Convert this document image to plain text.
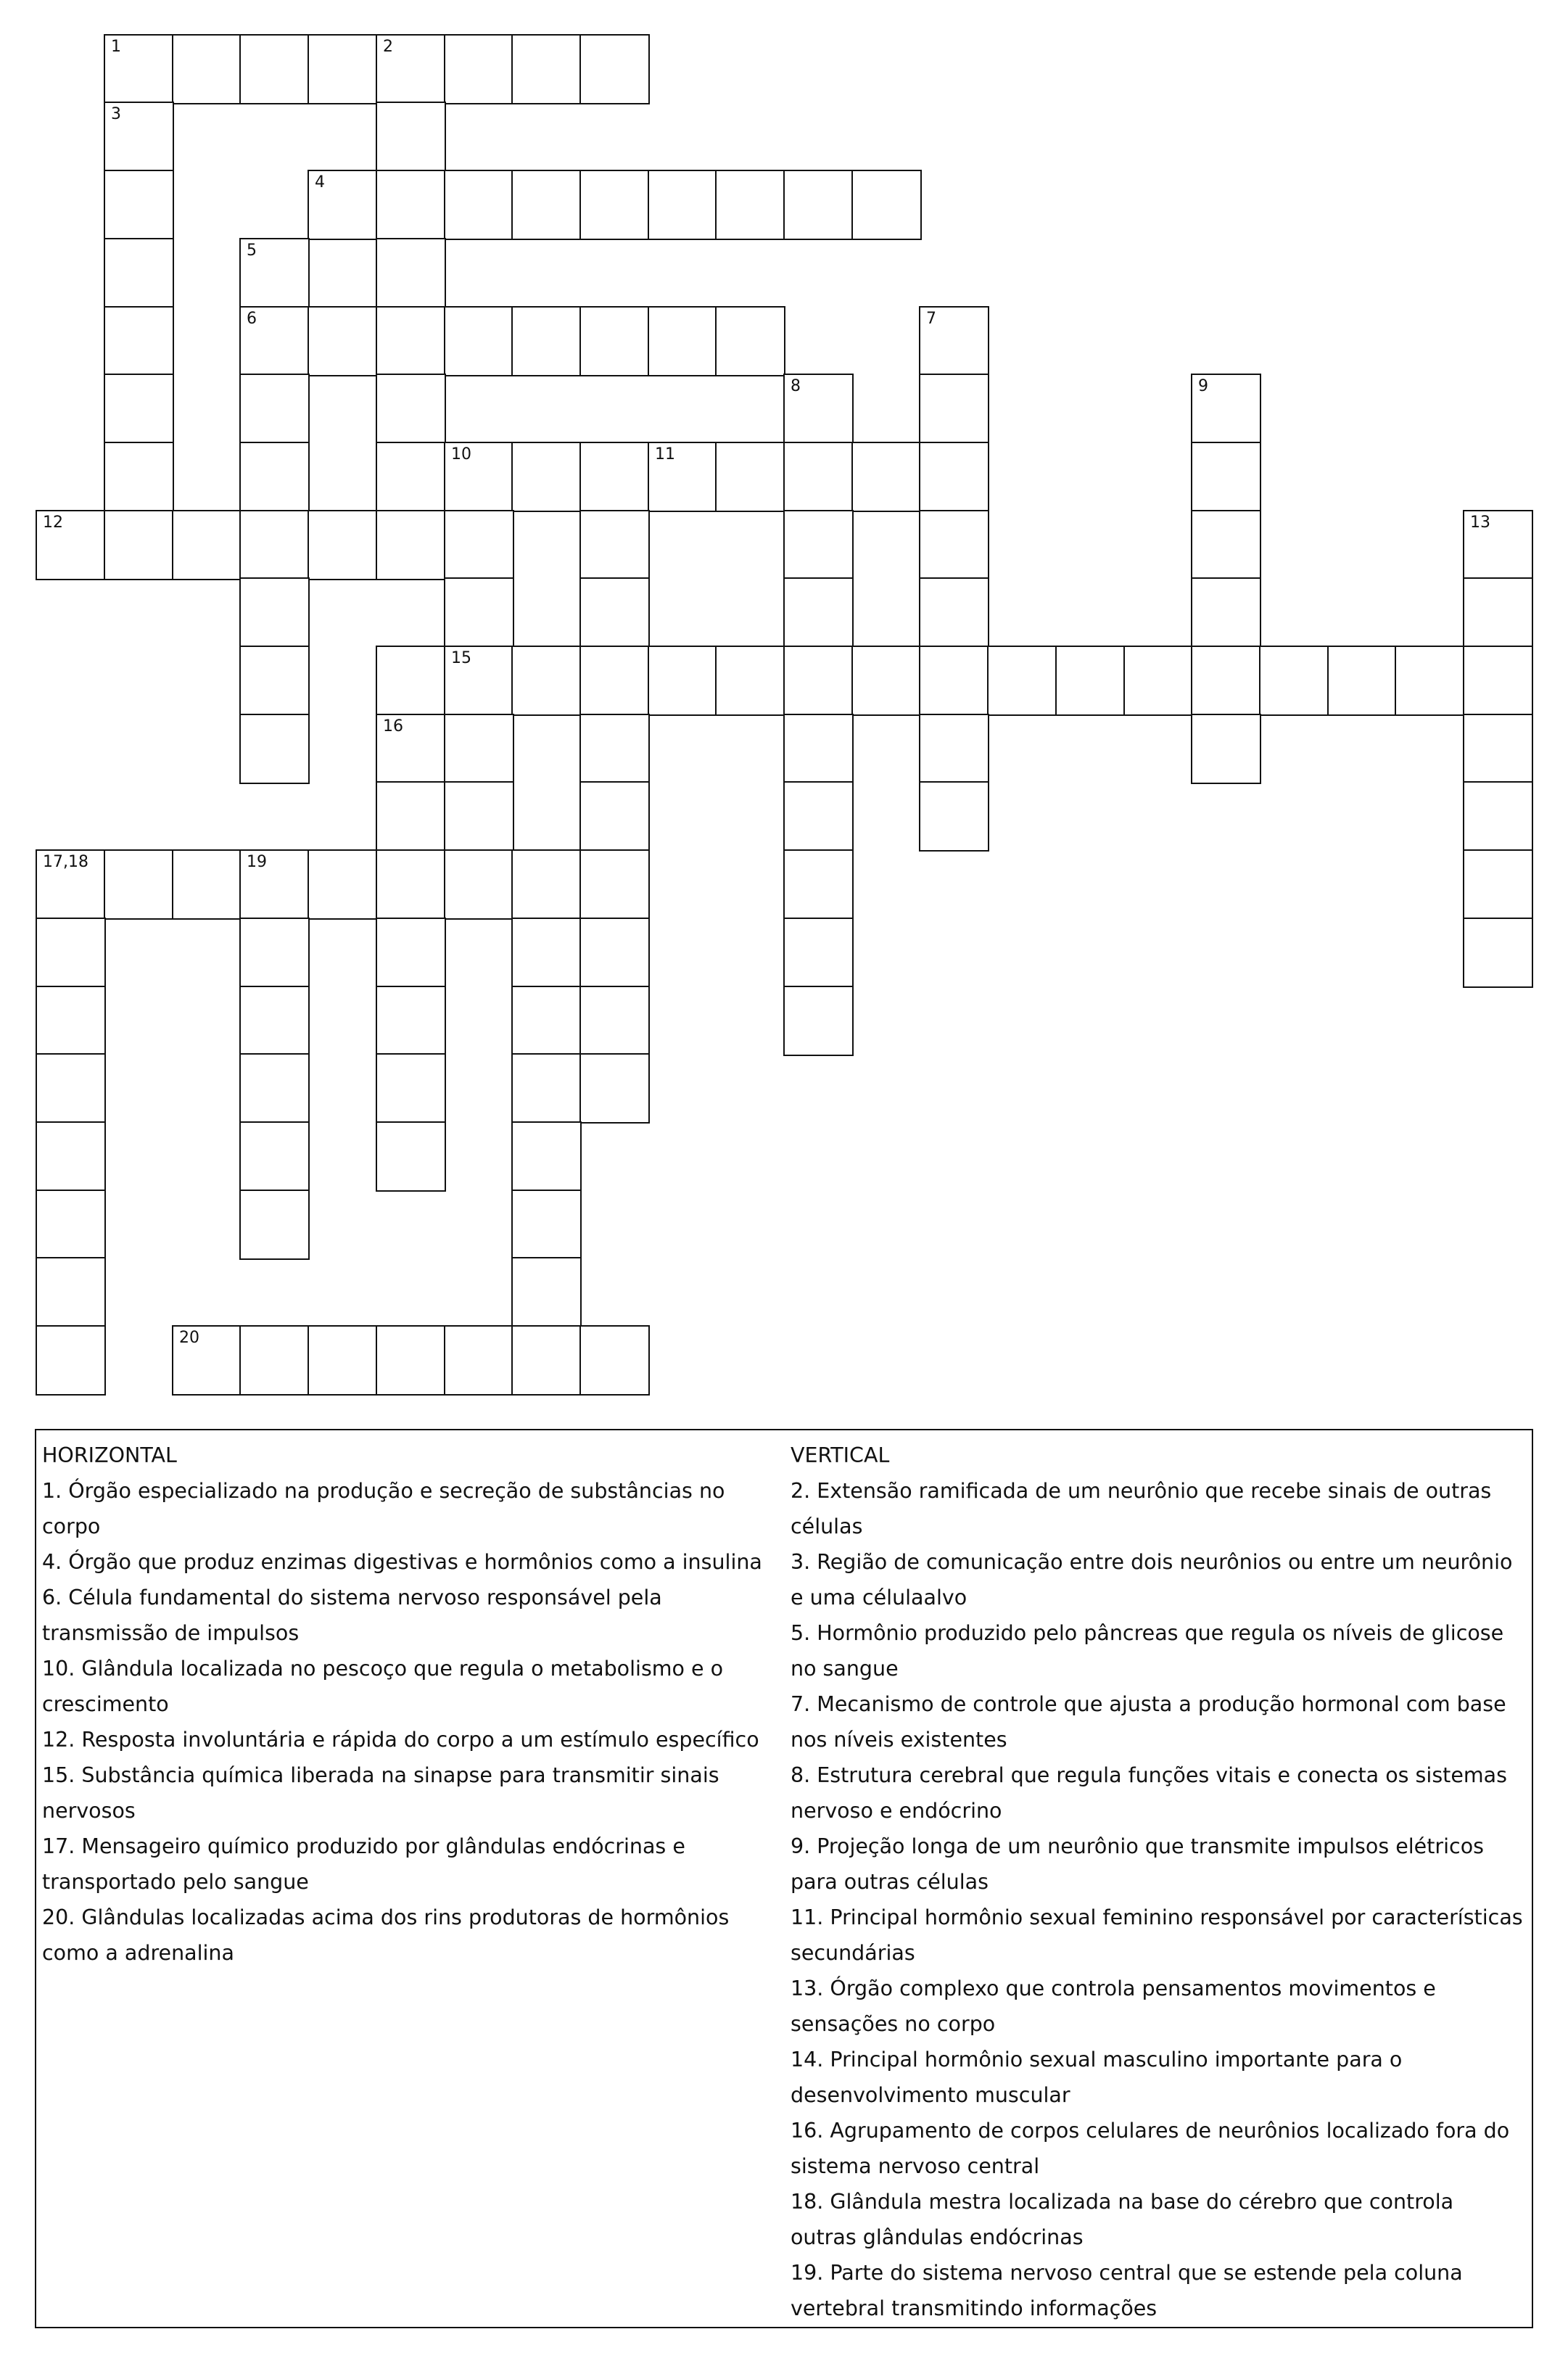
1	2
3
4
5
6	7
8	9
10	11
12	13
15
16
17,18	19
20
HORIZONTAL
1. Órgão especializado na produção e secreção de substâncias no corpo
4. Órgão que produz enzimas digestivas e hormônios como a insulina
6. Célula fundamental do sistema nervoso responsável pela transmissão de impulsos
10. Glândula localizada no pescoço que regula o metabolismo e o crescimento
12. Resposta involuntária e rápida do corpo a um estímulo específico
15. Substância química liberada na sinapse para transmitir sinais nervosos
17. Mensageiro químico produzido por glândulas endócrinas e transportado pelo sangue
20. Glândulas localizadas acima dos rins produtoras de hormônios como a adrenalina
VERTICAL
2. Extensão ramificada de um neurônio que recebe sinais de outras células
3. Região de comunicação entre dois neurônios ou entre um neurônio e uma célulaalvo
5. Hormônio produzido pelo pâncreas que regula os níveis de glicose no sangue
7. Mecanismo de controle que ajusta a produção hormonal com base nos níveis existentes
8. Estrutura cerebral que regula funções vitais e conecta os sistemas nervoso e endócrino
9. Projeção longa de um neurônio que transmite impulsos elétricos para outras células
11. Principal hormônio sexual feminino responsável por características secundárias
13. Órgão complexo que controla pensamentos movimentos e sensações no corpo
14. Principal hormônio sexual masculino importante para o desenvolvimento muscular
16. Agrupamento de corpos celulares de neurônios localizado fora do sistema nervoso central
18. Glândula mestra localizada na base do cérebro que controla outras glândulas endócrinas
19. Parte do sistema nervoso central que se estende pela coluna vertebral transmitindo informações
